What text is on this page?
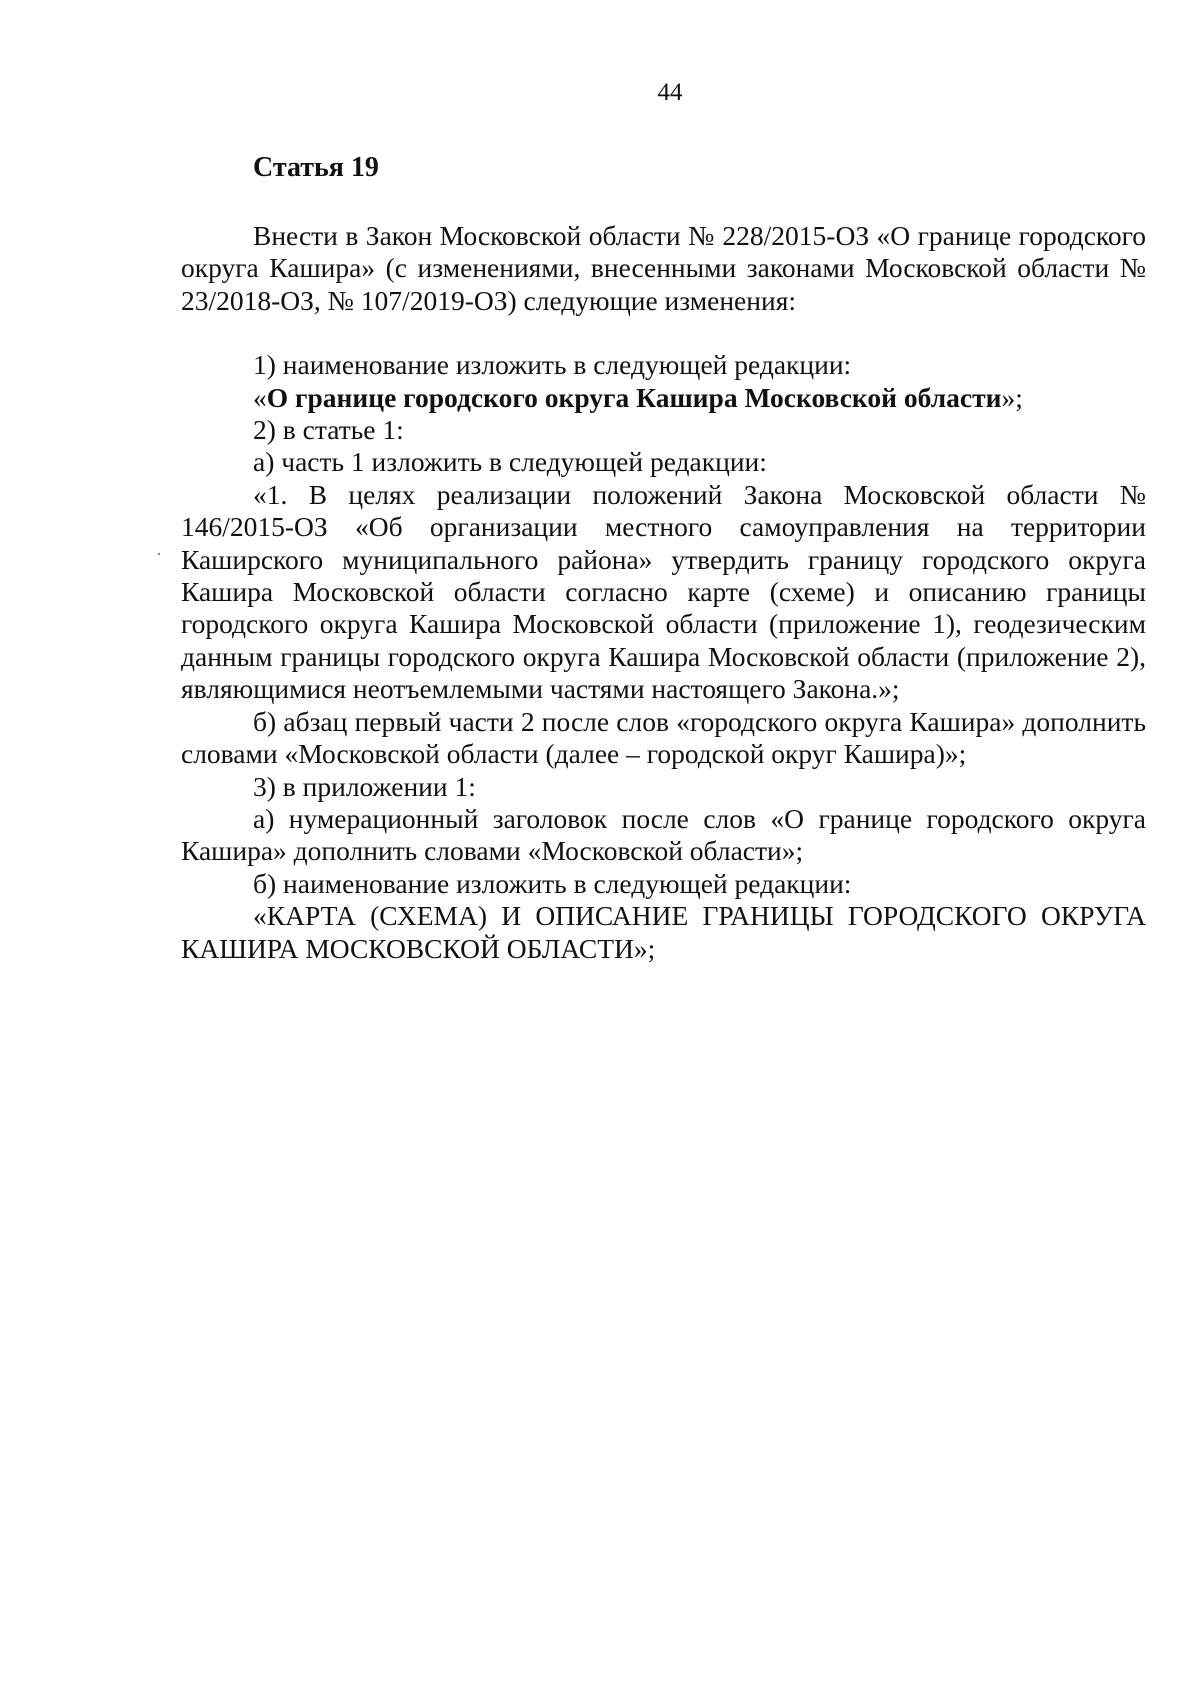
44
Статья 19

Внести в Закон Московской области № 228/2015-ОЗ «О границе городского округа Кашира» (с изменениями, внесенными законами Московской области № 23/2018-ОЗ, № 107/2019-ОЗ) следующие изменения:

1) наименование изложить в следующей редакции:

«О границе городского округа Кашира Московской области»;

2) в статье 1:

а) часть 1 изложить в следующей редакции:

«1. В целях реализации положений Закона Московской области № 146/2015-ОЗ «Об организации местного самоуправления на территории Каширского муниципального района» утвердить границу городского округа Кашира Московской области согласно карте (схеме) и описанию границы городского округа Кашира Московской области (приложение 1), геодезическим данным границы городского округа Кашира Московской области (приложение 2), являющимися неотъемлемыми частями настоящего Закона.»;

б) абзац первый части 2 после слов «городского округа Кашира» дополнить словами «Московской области (далее – городской округ Кашира)»;

3) в приложении 1:

а) нумерационный заголовок после слов «О границе городского округа Кашира» дополнить словами «Московской области»;

б) наименование изложить в следующей редакции:

«КАРТА (СХЕМА) И ОПИСАНИЕ ГРАНИЦЫ ГОРОДСКОГО ОКРУГА КАШИРА МОСКОВСКОЙ ОБЛАСТИ»;
